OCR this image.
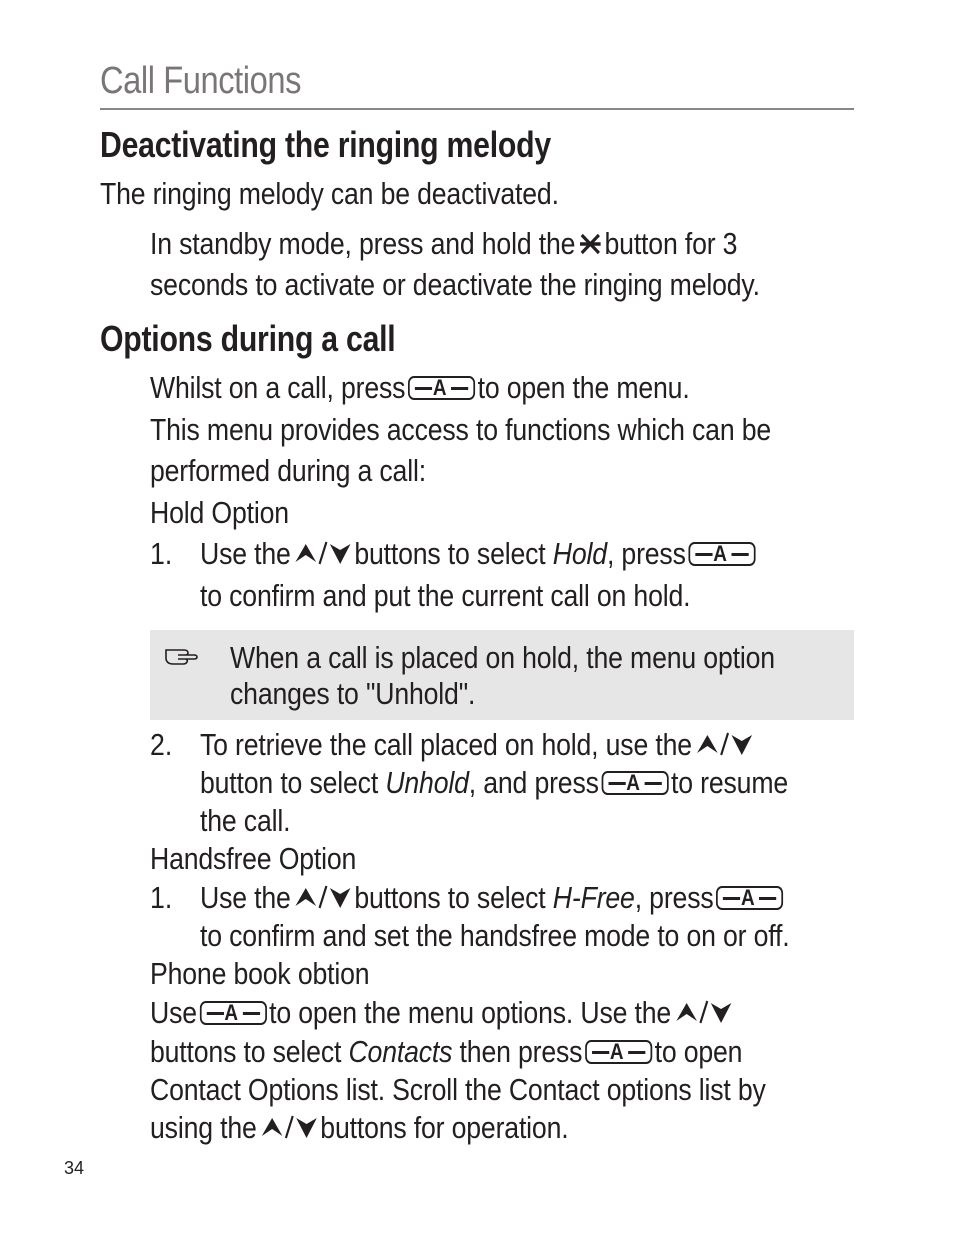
Call Functions
Deactivating the ringing melody
The ringing melody can be deactivated.
In standby mode, press and hold the button for 3
seconds to activate or deactivate the ringing melody.
Options during a call
Whilst on a call, press A to open the menu.
This menu provides access to functions which can be
performed during a call:
Hold Option
1. Use the buttons to select Hold, press A
to confirm and put the current call on hold.
When a call is placed on hold, the menu option
changes to "Unhold".
2. To retrieve the call placed on hold, use the
button to select Unhold, and press A to resume
the call.
Handsfree Option
1. Use the buttons to select H-Free, press A
to confirm and set the handsfree mode to on or off.
Phone book obtion
Use A to open the menu options. Use the
buttons to select Contacts then press A to open
Contact Options list. Scroll the Contact options list by
using the buttons for operation.
34
